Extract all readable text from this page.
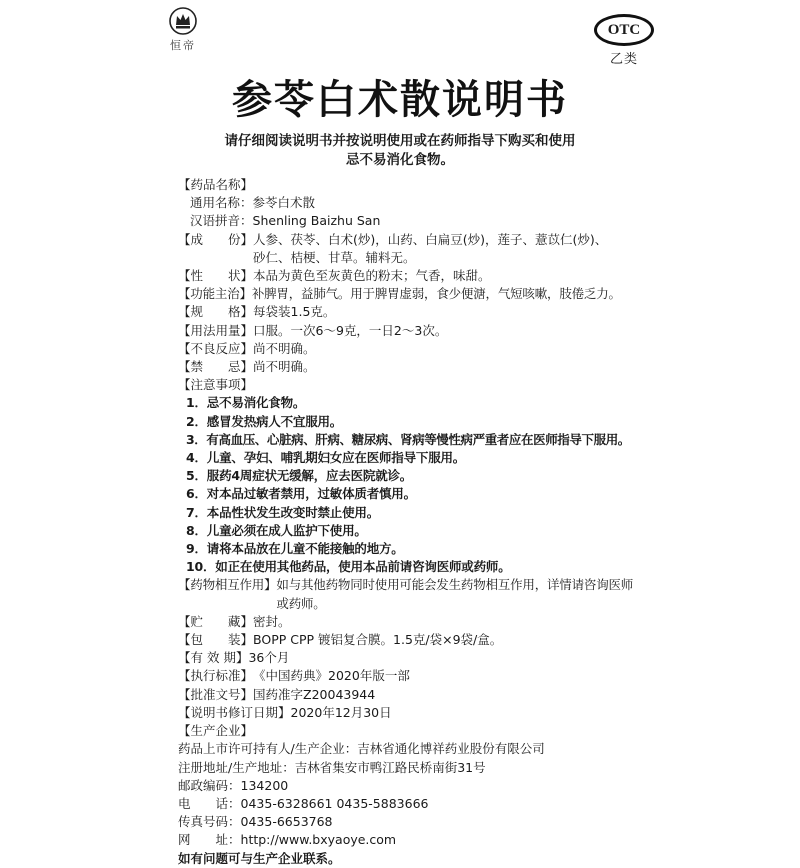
恒帝
OTC
乙类
参苓白术散说明书
请仔细阅读说明书并按说明使用或在药师指导下购买和使用
忌不易消化食物。
【药品名称】
通用名称： 参苓白术散
汉语拼音： Shenling Baizhu San
【成　　份】 人参、茯苓、白术(炒)，山药、白扁豆(炒)，莲子、薏苡仁(炒)、
砂仁、桔梗、甘草。辅料无。
【性　　状】 本品为黄色至灰黄色的粉末；气香，味甜。
【功能主治】 补脾胃，益肺气。用于脾胃虚弱，食少便溏，气短咳嗽，肢倦乏力。
【规　　格】 每袋装1.5克。
【用法用量】 口服。一次6～9克，一日2～3次。
【不良反应】 尚不明确。
【禁　　忌】 尚不明确。
【注意事项】
1．忌不易消化食物。
2．感冒发热病人不宜服用。
3．有高血压、心脏病、肝病、糖尿病、肾病等慢性病严重者应在医师指导下服用。
4．儿童、孕妇、哺乳期妇女应在医师指导下服用。
5．服药4周症状无缓解，应去医院就诊。
6．对本品过敏者禁用，过敏体质者慎用。
7．本品性状发生改变时禁止使用。
8．儿童必须在成人监护下使用。
9．请将本品放在儿童不能接触的地方。
10．如正在使用其他药品，使用本品前请咨询医师或药师。
【药物相互作用】 如与其他药物同时使用可能会发生药物相互作用，详情请咨询医师
或药师。
【贮　　藏】 密封。
【包　　装】 BOPP CPP 镀铝复合膜。1.5克/袋×9袋/盒。
【有 效 期】 36个月
【执行标准】 《中国药典》2020年版一部
【批准文号】 国药准字Z20043944
【说明书修订日期】 2020年12月30日
【生产企业】
药品上市许可持有人/生产企业： 吉林省通化博祥药业股份有限公司
注册地址/生产地址： 吉林省集安市鸭江路民桥南街31号
邮政编码： 134200
电　　话： 0435-6328661 0435-5883666
传真号码： 0435-6653768
网　　址： http://www.bxyaoye.com
如有问题可与生产企业联系。
